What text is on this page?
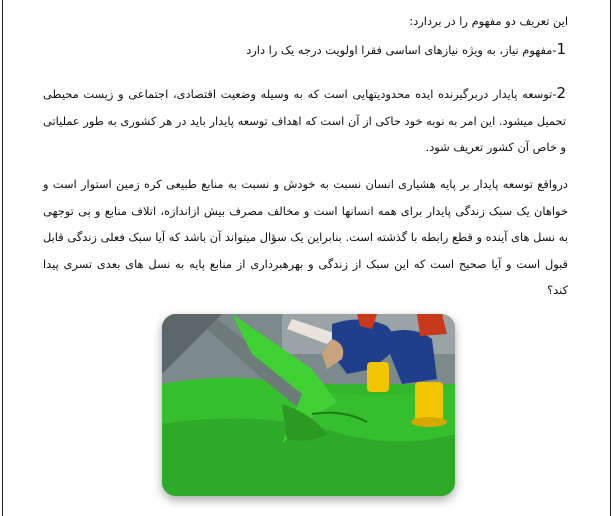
این تعریف دو مفهوم را در بردارد:

1-مفهوم نیاز، به ویژه نیازهای اساسی فقرا اولویت درجه یک را دارد

2-توسعه پایدار دربرگیرنده ایده محدودیتهایی است که به وسیله وضعیت اقتصادی، اجتماعی و زیست محیطی تحمیل میشود. این امر به نوبه خود حاکی از آن است که اهداف توسعه پایدار باید در هر کشوری به طور عملیاتی و خاص آن کشور تعریف شود.

درواقع توسعه پایدار بر پایه هشیاری انسان نسبت به خودش و نسبت به منابع طبیعی کره زمین استوار است و خواهان یک سبک زندگی پایدار برای همه انسانها است و مخالف مصرف بیش ازاندازه، اتلاف منابع و بی توجهی به نسل های آینده و قطع رابطه با گذشته است. بنابراین یک سؤال میتواند آن باشد که آیا سبک فعلی زندگی قابل قبول است و آیا صحیح است که این سبک از زندگی و بهرهبرداری از منابع پایه به نسل های بعدی تسری پیدا کند؟
